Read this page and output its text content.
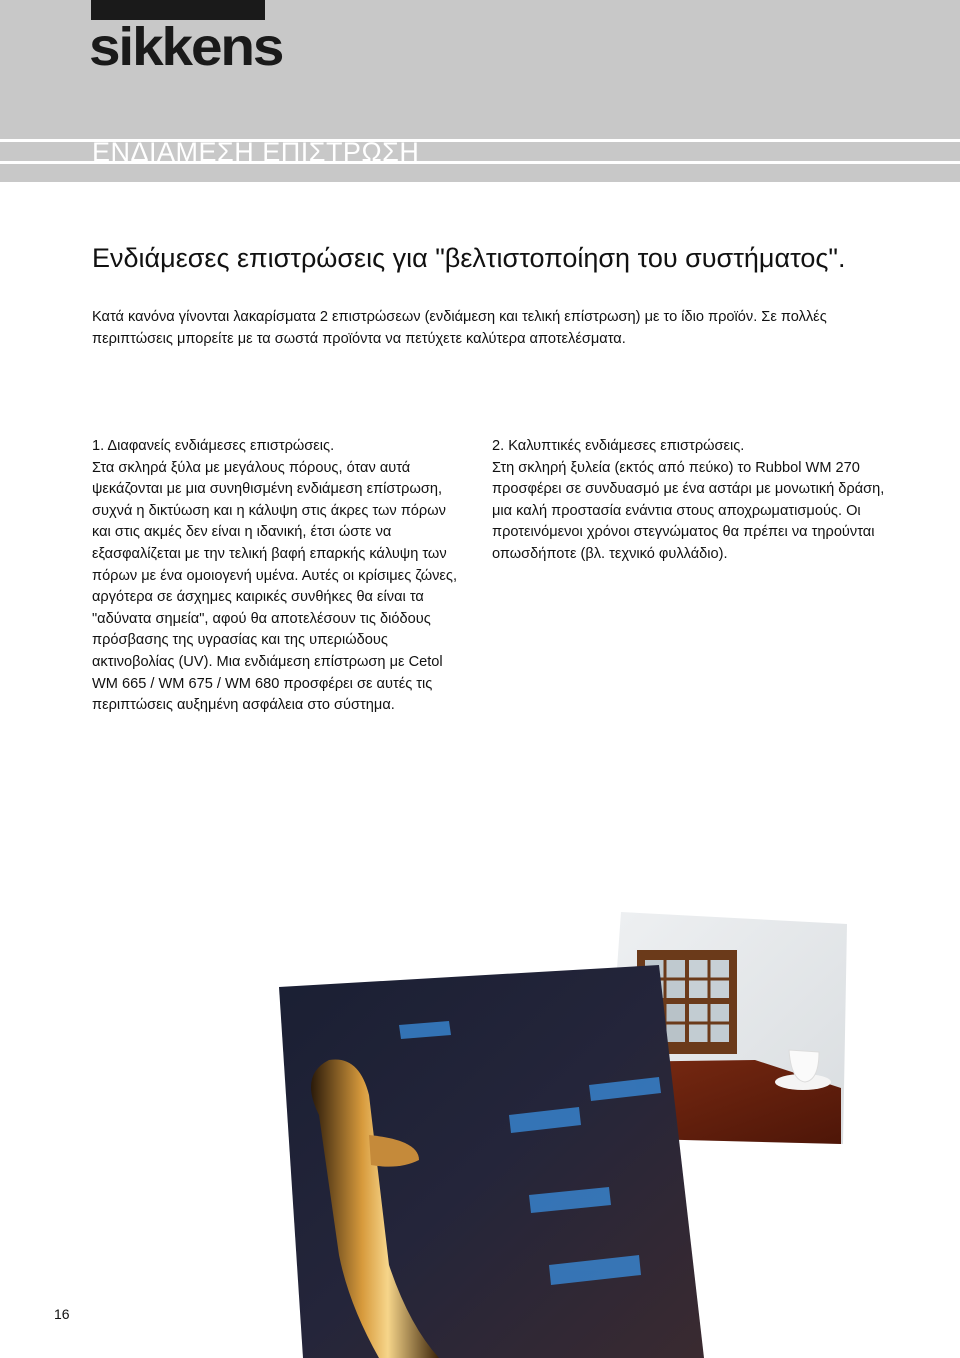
sikkens
ΕΝΔΙΑΜΕΣΗ ΕΠΙΣΤΡΩΣΗ
Ενδιάμεσες επιστρώσεις για "βελτιστοποίηση του συστήματος".

Κατά κανόνα γίνονται λακαρίσματα 2 επιστρώσεων (ενδιάμεση και τελική επίστρωση) με το ίδιο προϊόν. Σε πολλές περιπτώσεις μπορείτε με τα σωστά προϊόντα να πετύχετε καλύτερα αποτελέσματα.

1. Διαφανείς ενδιάμεσες επιστρώσεις.
Στα σκληρά ξύλα με μεγάλους πόρους, όταν αυτά ψεκάζονται με μια συνηθισμένη ενδιάμεση επίστρωση, συχνά η δικτύωση και η κάλυψη στις άκρες των πόρων και στις ακμές δεν είναι η ιδανική, έτσι ώστε να εξασφαλίζεται με την τελική βαφή επαρκής κάλυψη των πόρων με ένα ομοιογενή υμένα. Αυτές οι κρίσιμες ζώνες, αργότερα σε άσχημες καιρικές συνθήκες θα είναι τα "αδύνατα σημεία", αφού θα αποτελέσουν τις διόδους πρόσβασης της υγρασίας και της υπεριώδους ακτινοβολίας (UV). Μια ενδιάμεση επίστρωση με Cetol WM 665 / WM 675 / WM 680 προσφέρει σε αυτές τις περιπτώσεις αυξημένη ασφάλεια στο σύστημα.
2. Καλυπτικές ενδιάμεσες επιστρώσεις.
Στη σκληρή ξυλεία (εκτός από πεύκο) το Rubbol WM 270 προσφέρει σε συνδυασμό με ένα αστάρι με μονωτική δράση, μια καλή προστασία ενάντια στους αποχρωματισμούς. Οι προτεινόμενοι χρόνοι στεγνώματος θα πρέπει να τηρούνται οπωσδήποτε (βλ. τεχνικό φυλλάδιο).
16
